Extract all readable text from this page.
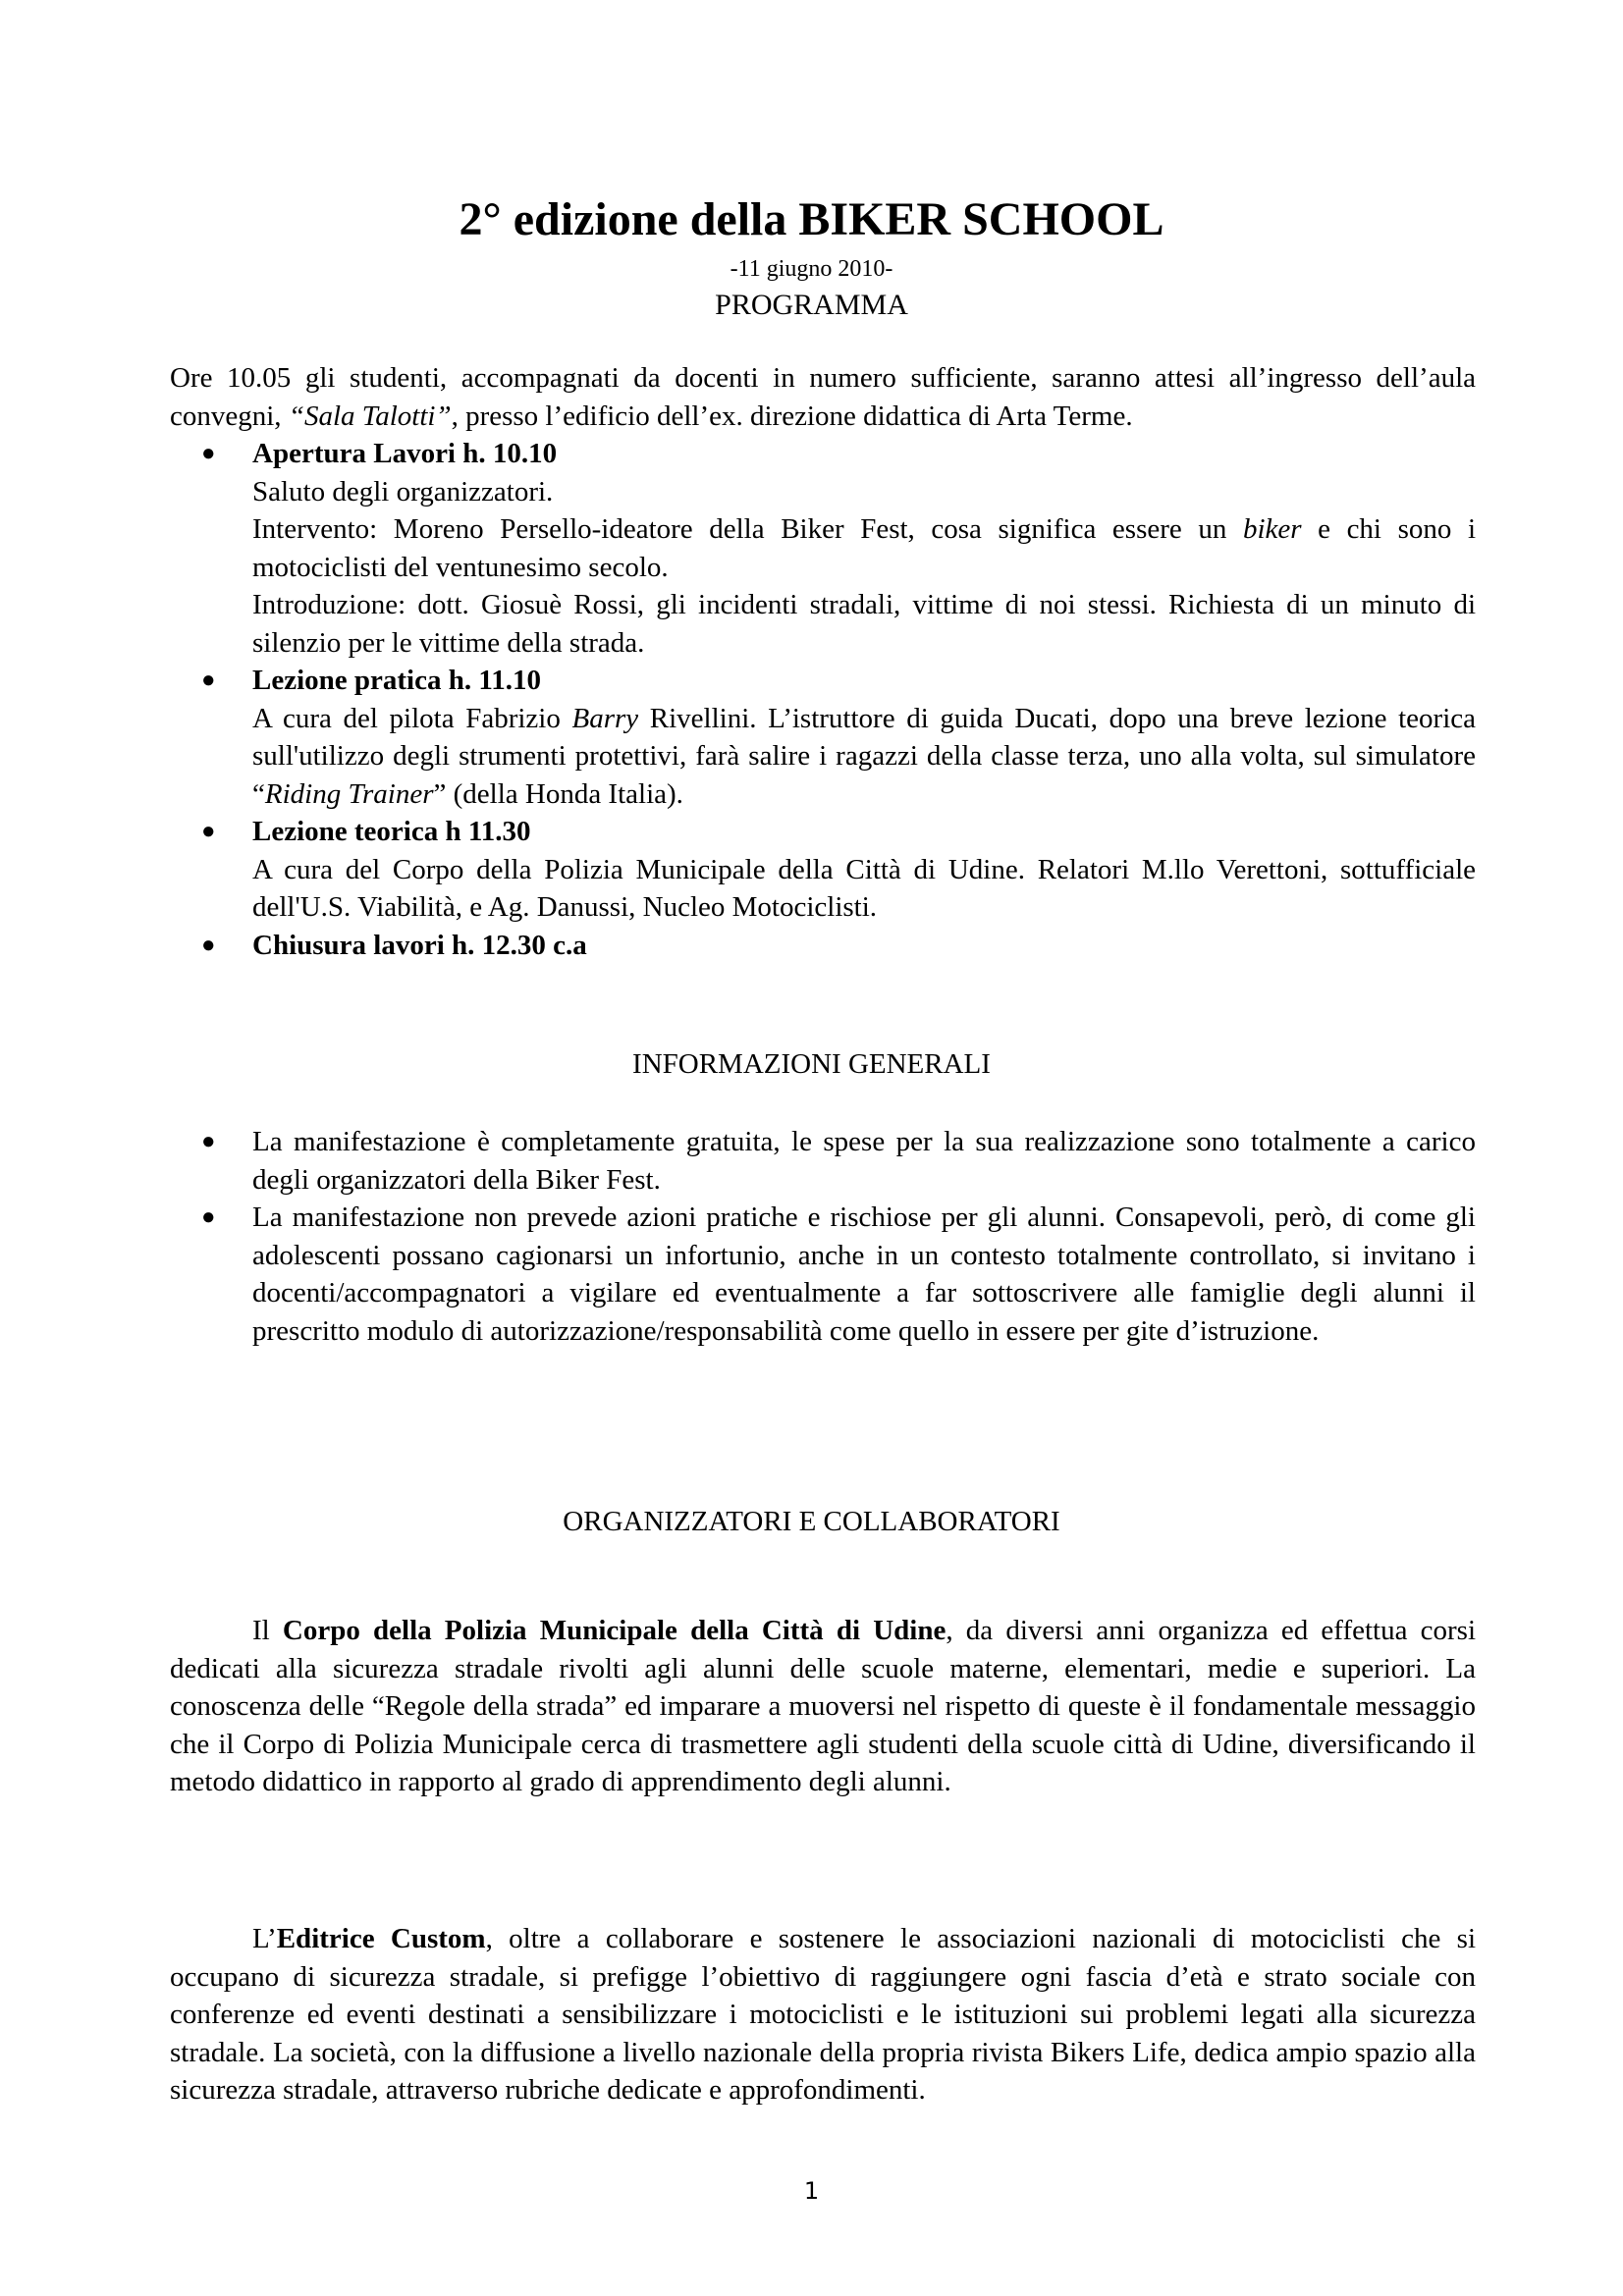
2° edizione della BIKER SCHOOL
-11 giugno 2010-
PROGRAMMA
Ore 10.05 gli studenti, accompagnati da docenti in numero sufficiente, saranno attesi all’ingresso dell’aula convegni, “Sala Talotti”, presso l’edificio dell’ex. direzione didattica di Arta Terme.
● Apertura Lavori h. 10.10
Saluto degli organizzatori.
Intervento: Moreno Persello-ideatore della Biker Fest, cosa significa essere un biker e chi sono i motociclisti del ventunesimo secolo.
Introduzione: dott. Giosuè Rossi, gli incidenti stradali, vittime di noi stessi. Richiesta di un minuto di silenzio per le vittime della strada.
● Lezione pratica h. 11.10
A cura del pilota Fabrizio Barry Rivellini. L’istruttore di guida Ducati, dopo una breve lezione teorica sull'utilizzo degli strumenti protettivi, farà salire i ragazzi della classe terza, uno alla volta, sul simulatore “Riding Trainer” (della Honda Italia).
● Lezione teorica h 11.30
A cura del Corpo della Polizia Municipale della Città di Udine. Relatori M.llo Verettoni, sottufficiale dell'U.S. Viabilità, e Ag. Danussi, Nucleo Motociclisti.
● Chiusura lavori h. 12.30 c.a
INFORMAZIONI GENERALI
● La manifestazione è completamente gratuita, le spese per la sua realizzazione sono totalmente a carico degli organizzatori della Biker Fest.
● La manifestazione non prevede azioni pratiche e rischiose per gli alunni. Consapevoli, però, di come gli adolescenti possano cagionarsi un infortunio, anche in un contesto totalmente controllato, si invitano i docenti/accompagnatori a vigilare ed eventualmente a far sottoscrivere alle famiglie degli alunni il prescritto modulo di autorizzazione/responsabilità come quello in essere per gite d’istruzione.
ORGANIZZATORI E COLLABORATORI
Il Corpo della Polizia Municipale della Città di Udine, da diversi anni organizza ed effettua corsi dedicati alla sicurezza stradale rivolti agli alunni delle scuole materne, elementari, medie e superiori. La conoscenza delle “Regole della strada” ed imparare a muoversi nel rispetto di queste è il fondamentale messaggio che il Corpo di Polizia Municipale cerca di trasmettere agli studenti della scuole città di Udine, diversificando il metodo didattico in rapporto al grado di apprendimento degli alunni.
L’Editrice Custom, oltre a collaborare e sostenere le associazioni nazionali di motociclisti che si occupano di sicurezza stradale, si prefigge l’obiettivo di raggiungere ogni fascia d’età e strato sociale con conferenze ed eventi destinati a sensibilizzare i motociclisti e le istituzioni sui problemi legati alla sicurezza stradale. La società, con la diffusione a livello nazionale della propria rivista Bikers Life, dedica ampio spazio alla sicurezza stradale, attraverso rubriche dedicate e approfondimenti.
1
